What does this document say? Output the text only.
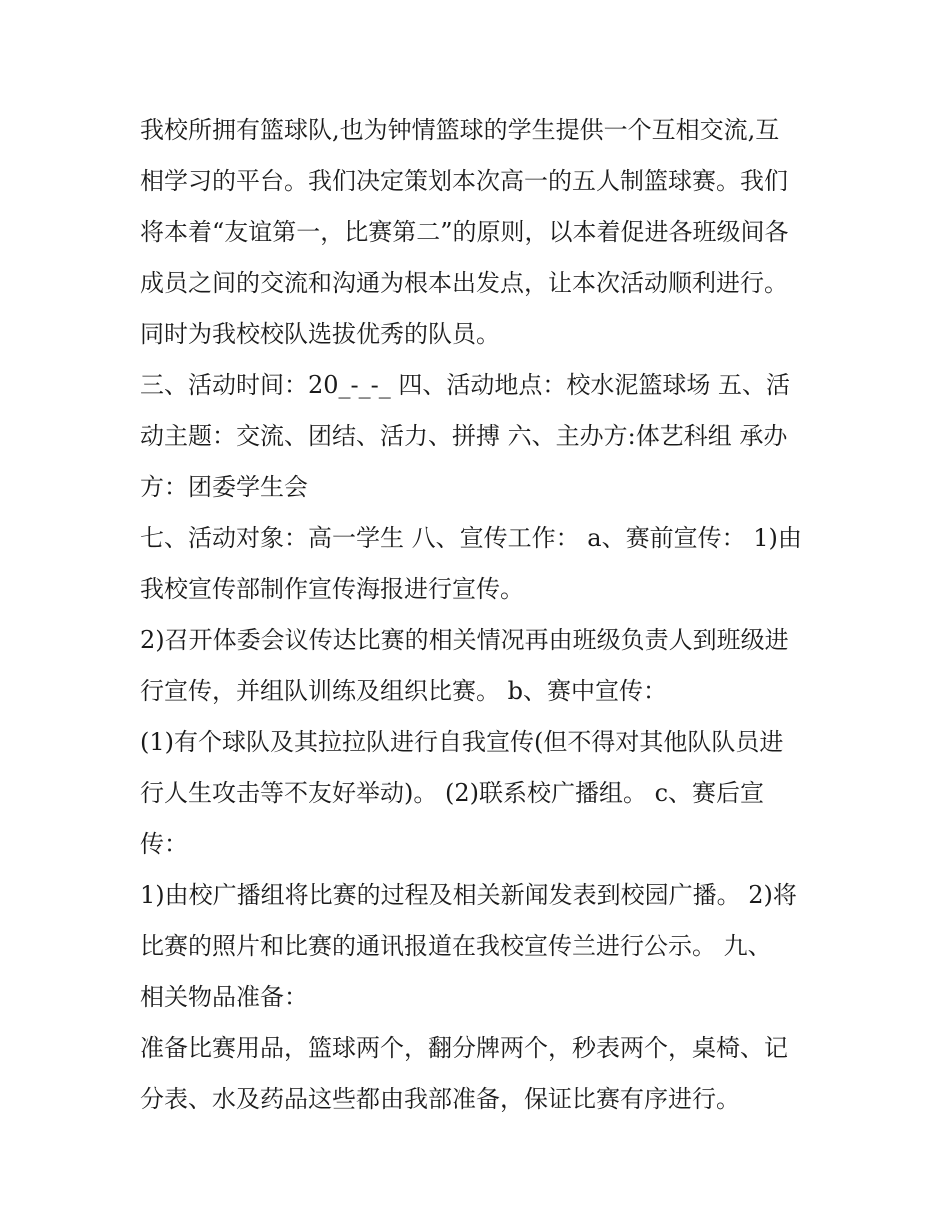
我校所拥有篮球队,也为钟情篮球的学生提供一个互相交流,互
相学习的平台。我们决定策划本次高一的五人制篮球赛。我们
将本着“友谊第一，比赛第二”的原则，以本着促进各班级间各
成员之间的交流和沟通为根本出发点，让本次活动顺利进行。
同时为我校校队选拔优秀的队员。
三、活动时间：20_-_-_ 四、活动地点：校水泥篮球场 五、活
动主题：交流、团结、活力、拼搏 六、主办方:体艺科组 承办
方：团委学生会
七、活动对象：高一学生 八、宣传工作： a、赛前宣传： 1)由
我校宣传部制作宣传海报进行宣传。
2)召开体委会议传达比赛的相关情况再由班级负责人到班级进
行宣传，并组队训练及组织比赛。 b、赛中宣传：
(1)有个球队及其拉拉队进行自我宣传(但不得对其他队队员进
行人生攻击等不友好举动)。 (2)联系校广播组。 c、赛后宣
传：
1)由校广播组将比赛的过程及相关新闻发表到校园广播。 2)将
比赛的照片和比赛的通讯报道在我校宣传兰进行公示。 九、
相关物品准备：
准备比赛用品，篮球两个，翻分牌两个，秒表两个，桌椅、记
分表、水及药品这些都由我部准备，保证比赛有序进行。
